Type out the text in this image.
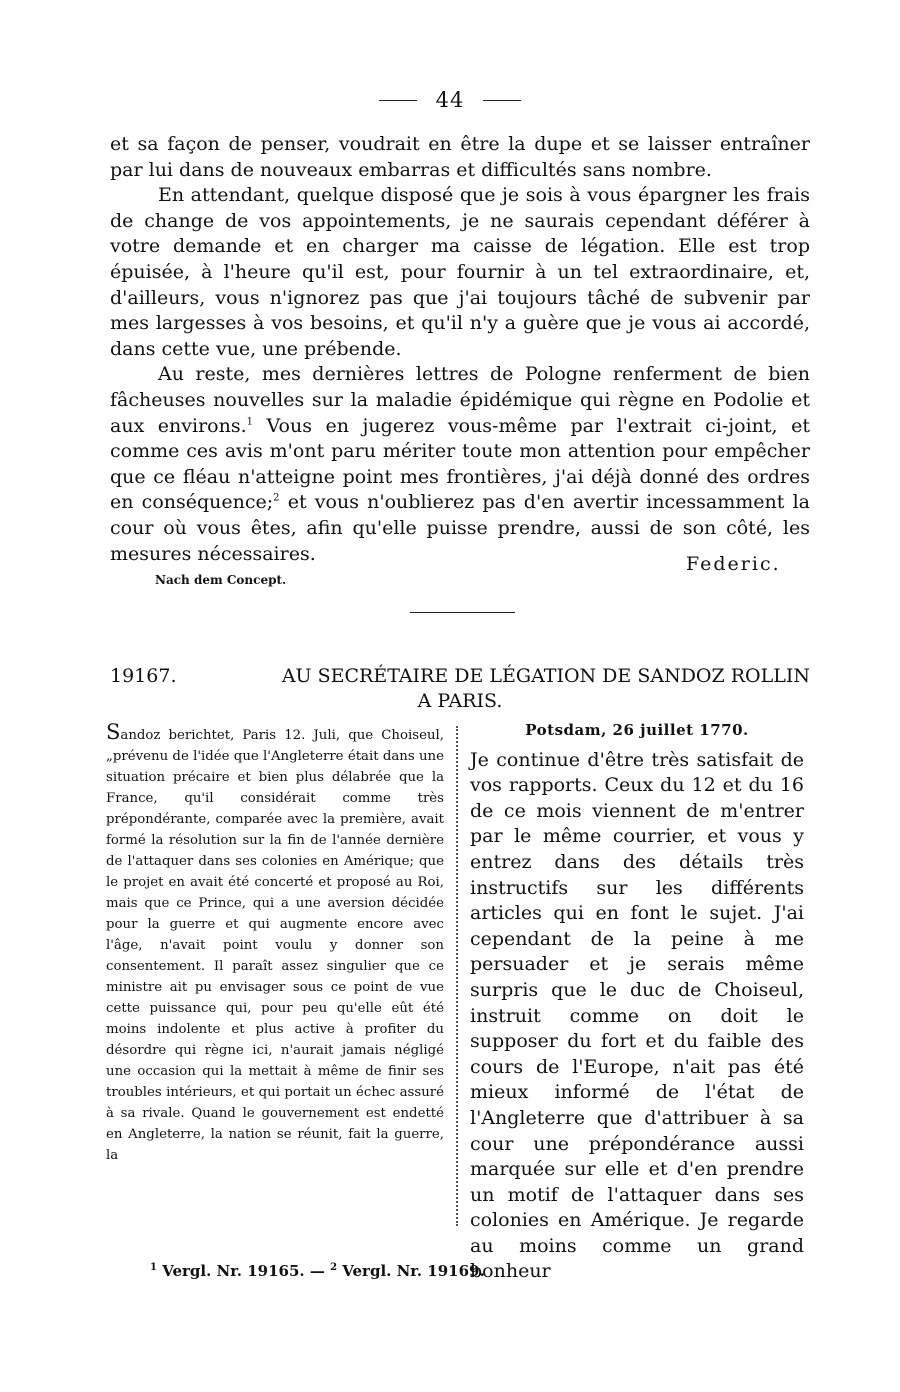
44

et sa façon de penser, voudrait en être la dupe et se laisser entraîner par lui dans de nouveaux embarras et difficultés sans nombre.

En attendant, quelque disposé que je sois à vous épargner les frais de change de vos appointements, je ne saurais cependant déférer à votre demande et en charger ma caisse de légation. Elle est trop épuisée, à l'heure qu'il est, pour fournir à un tel extraordinaire, et, d'ailleurs, vous n'ignorez pas que j'ai toujours tâché de subvenir par mes largesses à vos besoins, et qu'il n'y a guère que je vous ai accordé, dans cette vue, une prébende.

Au reste, mes dernières lettres de Pologne renferment de bien fâcheuses nouvelles sur la maladie épidémique qui règne en Podolie et aux environs.$^1$ Vous en jugerez vous-même par l'extrait ci-joint, et comme ces avis m'ont paru mériter toute mon attention pour empêcher que ce fléau n'atteigne point mes frontières, j'ai déjà donné des ordres en conséquence;$^2$ et vous n'oublierez pas d'en avertir incessamment la cour où vous êtes, afin qu'elle puisse prendre, aussi de son côté, les mesures nécessaires.	Federic.
Nach dem Concept.
19167.	AU SECRÉTAIRE DE LÉGATION DE SANDOZ ROLLIN
A PARIS.

Sandoz berichtet, Paris 12. Juli, que Choiseul, „prévenu de l'idée que l'Angleterre était dans une situation précaire et bien plus délabrée que la France, qu'il considérait comme très prépondérante, comparée avec la première, avait formé la résolution sur la fin de l'année dernière de l'attaquer dans ses colonies en Amérique; que le projet en avait été concerté et proposé au Roi, mais que ce Prince, qui a une aversion décidée pour la guerre et qui augmente encore avec l'âge, n'avait point voulu y donner son consentement. Il paraît assez singulier que ce ministre ait pu envisager sous ce point de vue cette puissance qui, pour peu qu'elle eût été moins indolente et plus active à profiter du désordre qui règne ici, n'aurait jamais négligé une occasion qui la mettait à même de finir ses troubles intérieurs, et qui portait un échec assuré à sa rivale. Quand le gouvernement est endetté en Angleterre, la nation se réunit, fait la guerre, la

Potsdam, 26 juillet 1770.

Je continue d'être très satisfait de vos rapports. Ceux du 12 et du 16 de ce mois viennent de m'entrer par le même courrier, et vous y entrez dans des détails très instructifs sur les différents articles qui en font le sujet. J'ai cependant de la peine à me persuader et je serais même surpris que le duc de Choiseul, instruit comme on doit le supposer du fort et du faible des cours de l'Europe, n'ait pas été mieux informé de l'état de l'Angleterre que d'attribuer à sa cour une prépondérance aussi marquée sur elle et d'en prendre un motif de l'attaquer dans ses colonies en Amérique. Je regarde au moins comme un grand bonheur

$^1$ Vergl. Nr. 19165. — $^2$ Vergl. Nr. 19169.
